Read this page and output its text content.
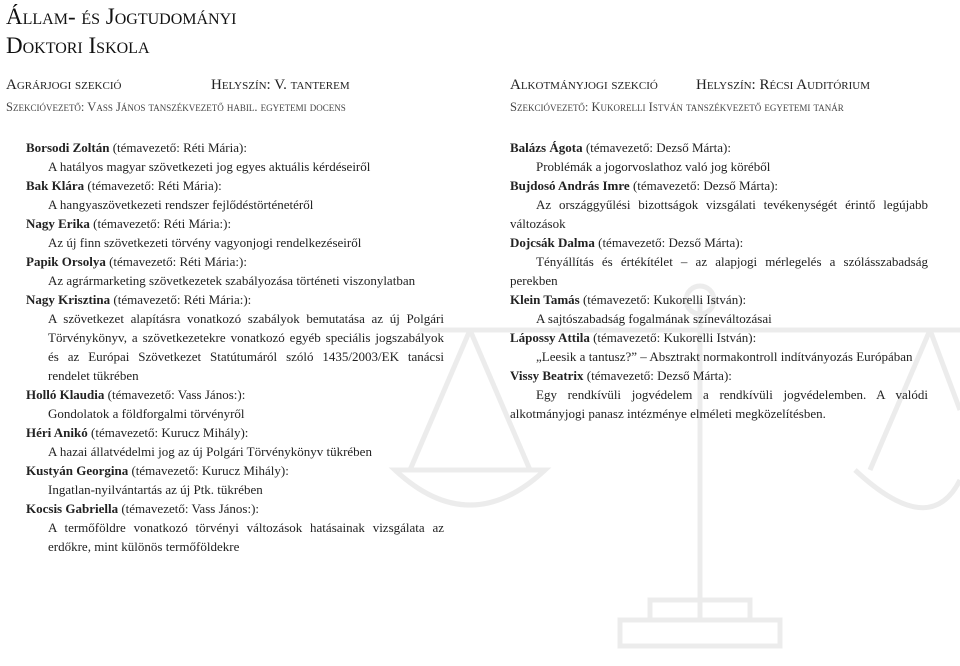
Állam- és Jogtudományi
Doktori Iskola
Agrárjogi szekció	Helyszín: V. tanterem
Szekcióvezető: Vass János tanszékvezető habil. egyetemi docens
Borsodi Zoltán (témavezető: Réti Mária):
A hatályos magyar szövetkezeti jog egyes aktuális kérdéseiről
Bak Klára (témavezető: Réti Mária):
A hangyaszövetkezeti rendszer fejlődéstörténetéről
Nagy Erika (témavezető: Réti Mária:):
Az új finn szövetkezeti törvény vagyonjogi rendelkezéseiről
Papik Orsolya (témavezető: Réti Mária:):
Az agrármarketing szövetkezetek szabályozása történeti viszonylatban
Nagy Krisztina (témavezető: Réti Mária:):
A szövetkezet alapításra vonatkozó szabályok bemutatása az új Polgári Törvénykönyv, a szövetkezetekre vonatkozó egyéb speciális jogszabályok és az Európai Szövetkezet Statútumáról szóló 1435/2003/EK tanácsi rendelet tükrében
Holló Klaudia (témavezető: Vass János:):
Gondolatok a földforgalmi törvényről
Héri Anikó (témavezető: Kurucz Mihály):
A hazai állatvédelmi jog az új Polgári Törvénykönyv tükrében
Kustyán Georgina (témavezető: Kurucz Mihály):
Ingatlan-nyilvántartás az új Ptk. tükrében
Kocsis Gabriella (témavezető: Vass János:):
A termőföldre vonatkozó törvényi változások hatásainak vizsgálata az erdőkre, mint különös termőföldekre
Alkotmányjogi szekció	Helyszín: Récsi Auditórium
Szekcióvezető: Kukorelli István tanszékvezető egyetemi tanár
Balázs Ágota (témavezető: Dezső Márta):
Problémák a jogorvoslathoz való jog köréből
Bujdosó András Imre (témavezető: Dezső Márta):
Az országgyűlési bizottságok vizsgálati tevékenységét érintő legújabb változások
Dojcsák Dalma (témavezető: Dezső Márta):
Tényállítás és értékítélet – az alapjogi mérlegelés a szólásszabadság perekben
Klein Tamás (témavezető: Kukorelli István):
A sajtószabadság fogalmának színeváltozásai
Lápossy Attila (témavezető: Kukorelli István):
„Leesik a tantusz?” – Absztrakt normakontroll indítványozás Európában
Vissy Beatrix (témavezető: Dezső Márta):
Egy rendkívüli jogvédelem a rendkívüli jogvédelemben. A valódi alkotmányjogi panasz intézménye elméleti megközelítésben.
